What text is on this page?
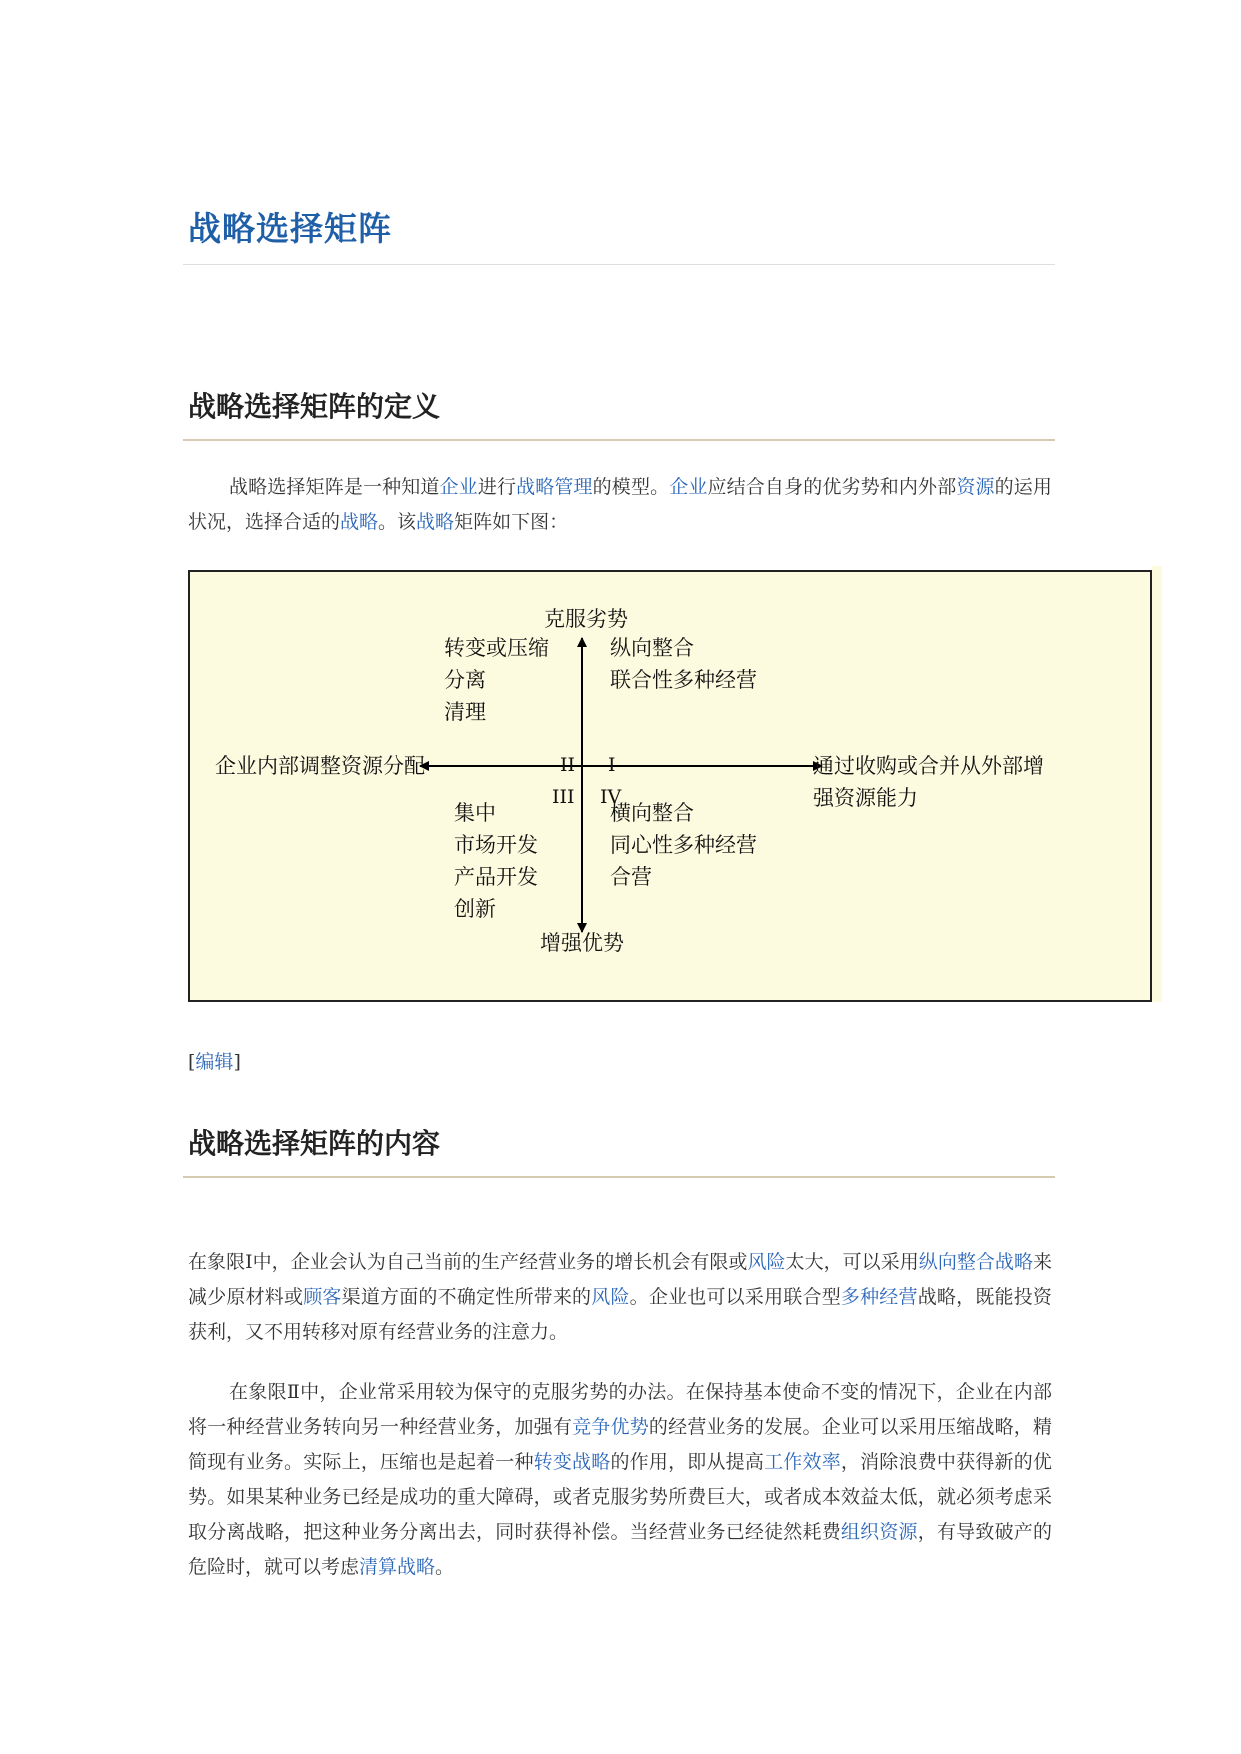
战略选择矩阵
战略选择矩阵的定义

战略选择矩阵是一种知道企业进行战略管理的模型。企业应结合自身的优劣势和内外部资源的运用状况，选择合适的战略。该战略矩阵如下图：

克服劣势
增强优势
企业内部调整资源分配	通过收购或合并从外部增
强资源能力
II I
III IV
转变或压缩
分离
清理
纵向整合
联合性多种经营
集中
市场开发
产品开发
创新
横向整合
同心性多种经营
合营
[编辑]
战略选择矩阵的内容

在象限Ⅰ中，企业会认为自己当前的生产经营业务的增长机会有限或风险太大，可以采用纵向整合战略来减少原材料或顾客渠道方面的不确定性所带来的风险。企业也可以采用联合型多种经营战略，既能投资获利，又不用转移对原有经营业务的注意力。

在象限Ⅱ中，企业常采用较为保守的克服劣势的办法。在保持基本使命不变的情况下，企业在内部将一种经营业务转向另一种经营业务，加强有竞争优势的经营业务的发展。企业可以采用压缩战略，精简现有业务。实际上，压缩也是起着一种转变战略的作用，即从提高工作效率，消除浪费中获得新的优势。如果某种业务已经是成功的重大障碍，或者克服劣势所费巨大，或者成本效益太低，就必须考虑采取分离战略，把这种业务分离出去，同时获得补偿。当经营业务已经徒然耗费组织资源，有导致破产的危险时，就可以考虑清算战略。
